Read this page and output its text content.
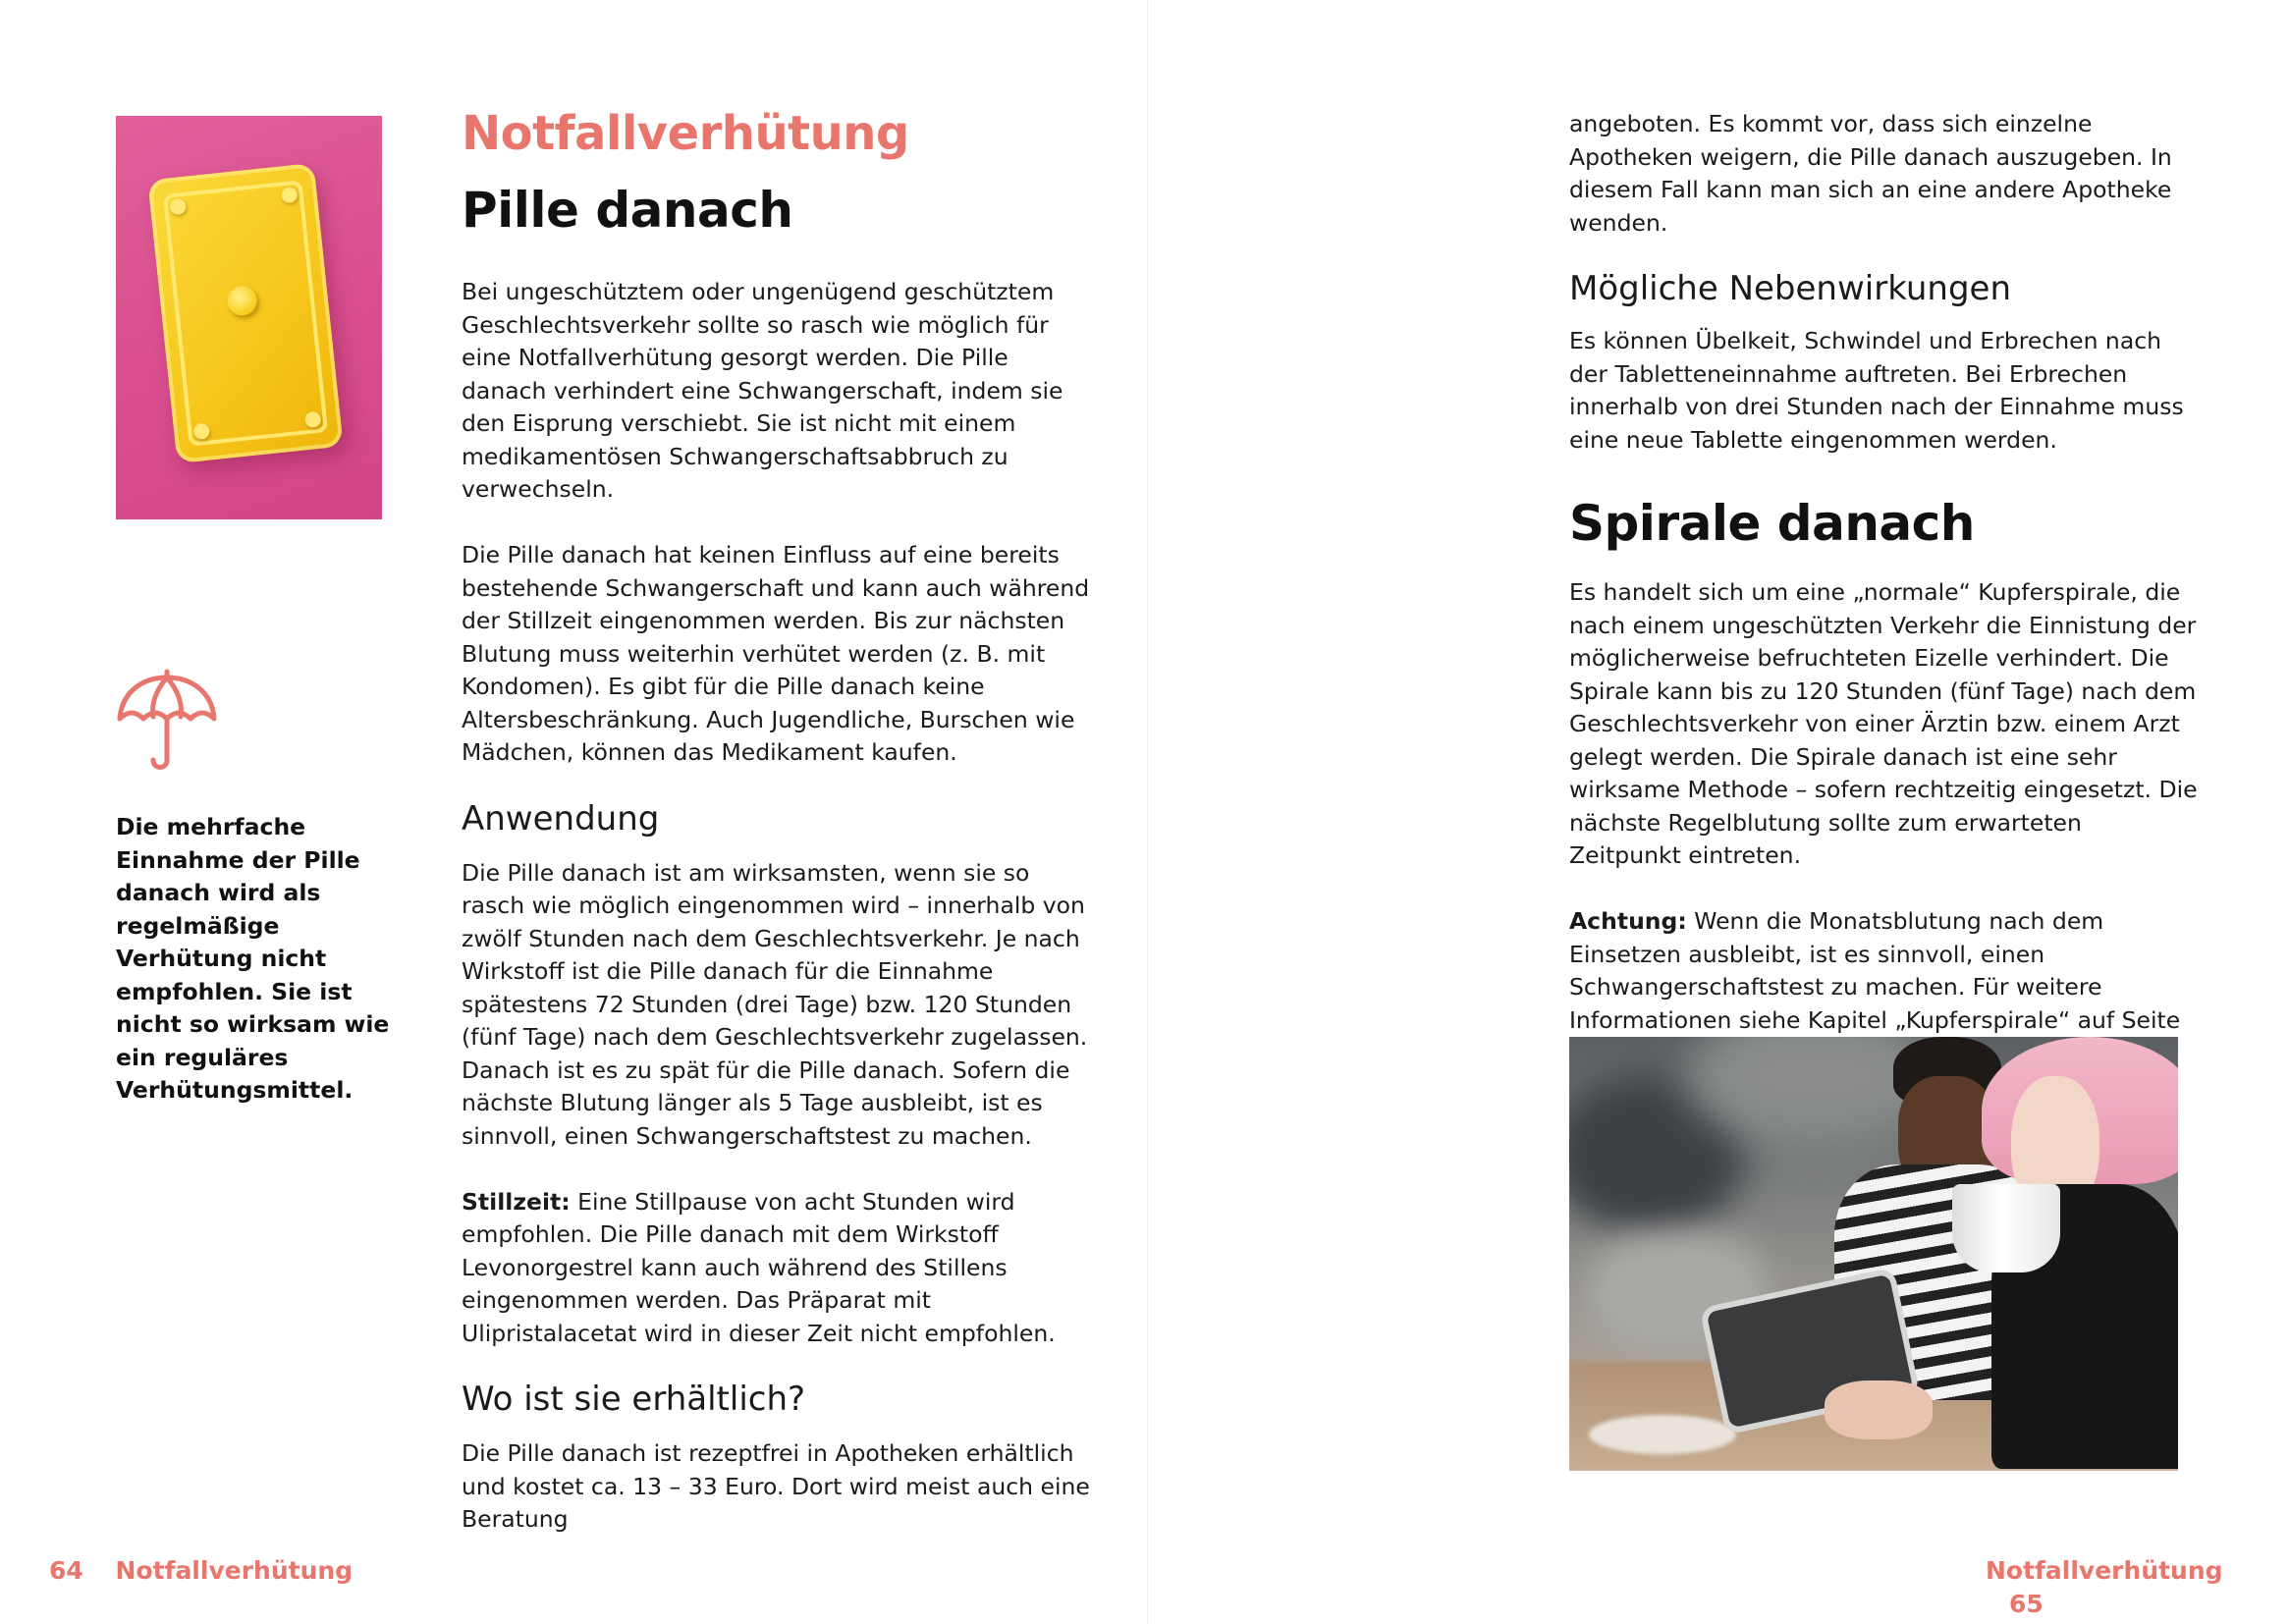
Die mehrfache Einnahme der Pille danach wird als regelmäßige Verhütung nicht empfohlen. Sie ist nicht so wirksam wie ein reguläres Verhütungsmittel.

Notfallverhütung
Pille danach

Bei ungeschütztem oder ungenügend geschütztem Geschlechtsverkehr sollte so rasch wie möglich für eine Notfallverhütung gesorgt werden. Die Pille danach verhindert eine Schwangerschaft, indem sie den Eisprung verschiebt. Sie ist nicht mit einem medikamentösen Schwangerschaftsabbruch zu verwechseln.

Die Pille danach hat keinen Einfluss auf eine bereits bestehende Schwangerschaft und kann auch während der Stillzeit eingenommen werden. Bis zur nächsten Blutung muss weiterhin verhütet werden (z. B. mit Kondomen). Es gibt für die Pille danach keine Altersbeschränkung. Auch Jugendliche, Burschen wie Mädchen, können das Medikament kaufen.

Anwendung

Die Pille danach ist am wirksamsten, wenn sie so rasch wie möglich eingenommen wird – innerhalb von zwölf Stunden nach dem Geschlechtsverkehr. Je nach Wirkstoff ist die Pille danach für die Einnahme spätestens 72 Stunden (drei Tage) bzw. 120 Stunden (fünf Tage) nach dem Geschlechtsverkehr zugelassen. Danach ist es zu spät für die Pille danach. Sofern die nächste Blutung länger als 5 Tage ausbleibt, ist es sinnvoll, einen Schwangerschaftstest zu machen.

Stillzeit: Eine Stillpause von acht Stunden wird empfohlen. Die Pille danach mit dem Wirkstoff Levonorgestrel kann auch während des Stillens eingenommen werden. Das Präparat mit Ulipristalacetat wird in dieser Zeit nicht empfohlen.

Wo ist sie erhältlich?

Die Pille danach ist rezeptfrei in Apotheken erhältlich und kostet ca. 13 – 33 Euro. Dort wird meist auch eine Beratung

64 Notfallverhütung

angeboten. Es kommt vor, dass sich einzelne Apotheken weigern, die Pille danach auszugeben. In diesem Fall kann man sich an eine andere Apotheke wenden.

Mögliche Nebenwirkungen

Es können Übelkeit, Schwindel und Erbrechen nach der Tabletteneinnahme auftreten. Bei Erbrechen innerhalb von drei Stunden nach der Einnahme muss eine neue Tablette eingenommen werden.

Spirale danach

Es handelt sich um eine „normale“ Kupferspirale, die nach einem ungeschützten Verkehr die Einnistung der möglicherweise befruchteten Eizelle verhindert. Die Spirale kann bis zu 120 Stunden (fünf Tage) nach dem Geschlechtsverkehr von einer Ärztin bzw. einem Arzt gelegt werden. Die Spirale danach ist eine sehr wirksame Methode – sofern rechtzeitig eingesetzt. Die nächste Regelblutung sollte zum erwarteten Zeitpunkt eintreten.

Achtung: Wenn die Monatsblutung nach dem Einsetzen ausbleibt, ist es sinnvoll, einen Schwangerschaftstest zu machen. Für weitere Informationen siehe Kapitel „Kupferspirale“ auf Seite

Notfallverhütung 65
